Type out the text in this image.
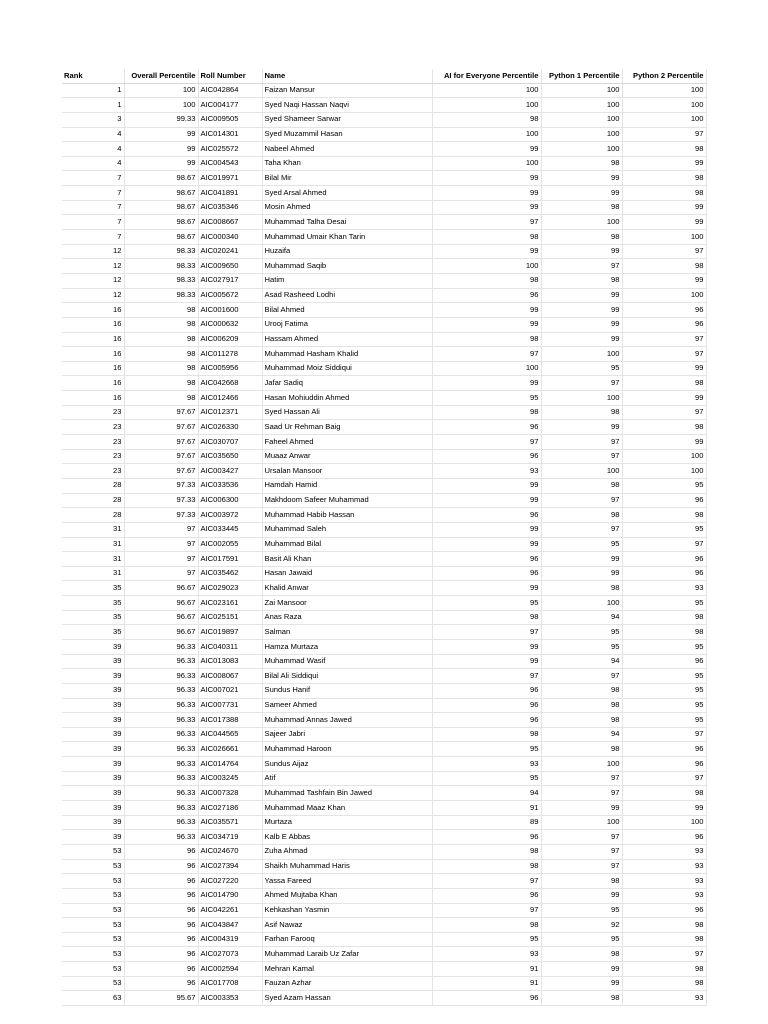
Rank	Overall Percentile	Roll Number	Name	AI for Everyone Percentile	Python 1 Percentile	Python 2 Percentile
1	100	AIC042864	Faizan Mansur	100	100	100
1	100	AIC004177	Syed Naqi Hassan Naqvi	100	100	100
3	99.33	AIC009505	Syed Shameer Sarwar	98	100	100
4	99	AIC014301	Syed Muzammil Hasan	100	100	97
4	99	AIC025572	Nabeel Ahmed	99	100	98
4	99	AIC004543	Taha Khan	100	98	99
7	98.67	AIC019971	Bilal Mir	99	99	98
7	98.67	AIC041891	Syed Arsal Ahmed	99	99	98
7	98.67	AIC035346	Mosin Ahmed	99	98	99
7	98.67	AIC008667	Muhammad Talha Desai	97	100	99
7	98.67	AIC000340	Muhammad Umair Khan Tarin	98	98	100
12	98.33	AIC020241	Huzaifa	99	99	97
12	98.33	AIC009650	Muhammad Saqib	100	97	98
12	98.33	AIC027917	Hatim	98	98	99
12	98.33	AIC005672	Asad Rasheed Lodhi	96	99	100
16	98	AIC001600	Bilal Ahmed	99	99	96
16	98	AIC000632	Urooj Fatima	99	99	96
16	98	AIC006209	Hassam Ahmed	98	99	97
16	98	AIC011278	Muhammad Hasham Khalid	97	100	97
16	98	AIC005956	Muhammad Moiz Siddiqui	100	95	99
16	98	AIC042668	Jafar Sadiq	99	97	98
16	98	AIC012466	Hasan Mohiuddin Ahmed	95	100	99
23	97.67	AIC012371	Syed Hassan Ali	98	98	97
23	97.67	AIC026330	Saad Ur Rehman Baig	96	99	98
23	97.67	AIC030707	Faheel Ahmed	97	97	99
23	97.67	AIC035650	Muaaz Anwar	96	97	100
23	97.67	AIC003427	Ursalan Mansoor	93	100	100
28	97.33	AIC033536	Hamdah Hamid	99	98	95
28	97.33	AIC006300	Makhdoom Safeer Muhammad	99	97	96
28	97.33	AIC003972	Muhammad Habib Hassan	96	98	98
31	97	AIC033445	Muhammad Saleh	99	97	95
31	97	AIC002055	Muhammad Bilal	99	95	97
31	97	AIC017591	Basit Ali Khan	96	99	96
31	97	AIC035462	Hasan Jawaid	96	99	96
35	96.67	AIC029023	Khalid Anwar	99	98	93
35	96.67	AIC023161	Zai Mansoor	95	100	95
35	96.67	AIC025151	Anas Raza	98	94	98
35	96.67	AIC019897	Salman	97	95	98
39	96.33	AIC040311	Hamza Murtaza	99	95	95
39	96.33	AIC013083	Muhammad Wasif	99	94	96
39	96.33	AIC008067	Bilal Ali Siddiqui	97	97	95
39	96.33	AIC007021	Sundus Hanif	96	98	95
39	96.33	AIC007731	Sameer Ahmed	96	98	95
39	96.33	AIC017388	Muhammad Annas Jawed	96	98	95
39	96.33	AIC044565	Sajeer Jabri	98	94	97
39	96.33	AIC026661	Muhammad Haroon	95	98	96
39	96.33	AIC014764	Sundus Aijaz	93	100	96
39	96.33	AIC003245	Atif	95	97	97
39	96.33	AIC007328	Muhammad Tashfain Bin Jawed	94	97	98
39	96.33	AIC027186	Muhammad Maaz Khan	91	99	99
39	96.33	AIC035571	Murtaza	89	100	100
39	96.33	AIC034719	Kalb E Abbas	96	97	96
53	96	AIC024670	Zuha Ahmad	98	97	93
53	96	AIC027394	Shaikh Muhammad Haris	98	97	93
53	96	AIC027220	Yassa Fareed	97	98	93
53	96	AIC014790	Ahmed Mujtaba Khan	96	99	93
53	96	AIC042261	Kehkashan Yasmin	97	95	96
53	96	AIC043847	Asif Nawaz	98	92	98
53	96	AIC004319	Farhan Farooq	95	95	98
53	96	AIC027073	Muhammad Laraib Uz Zafar	93	98	97
53	96	AIC002594	Mehran Kamal	91	99	98
53	96	AIC017708	Fauzan Azhar	91	99	98
63	95.67	AIC003353	Syed Azam Hassan	96	98	93
